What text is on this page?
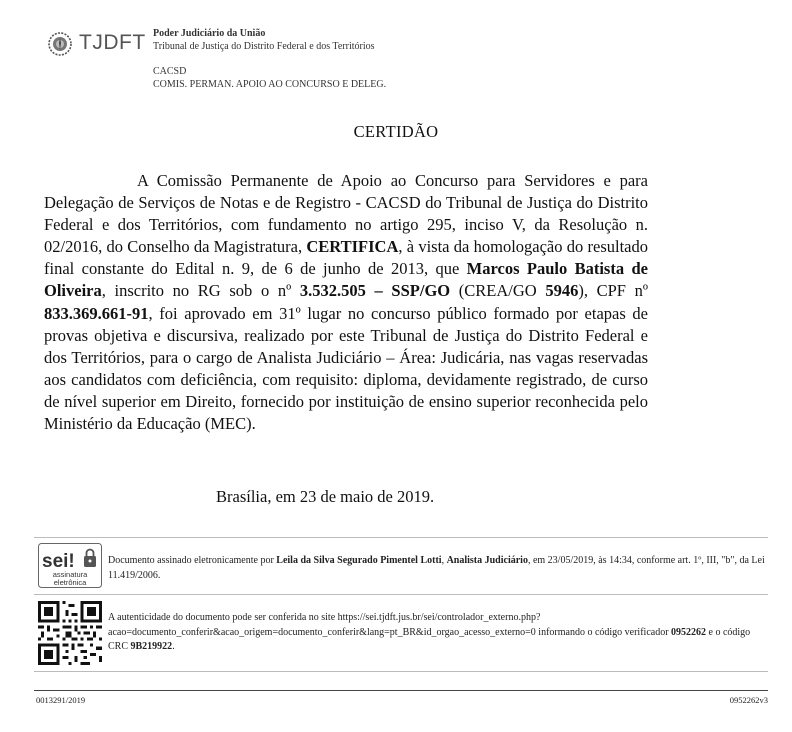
TJDFT Poder Judiciário da União
Tribunal de Justiça do Distrito Federal e dos Territórios
CACSD
COMIS. PERMAN. APOIO AO CONCURSO E DELEG.
CERTIDÃO

A Comissão Permanente de Apoio ao Concurso para Servidores e para Delegação de Serviços de Notas e de Registro - CACSD do Tribunal de Justiça do Distrito Federal e dos Territórios, com fundamento no artigo 295, inciso V, da Resolução n. 02/2016, do Conselho da Magistratura, CERTIFICA, à vista da homologação do resultado final constante do Edital n. 9, de 6 de junho de 2013, que Marcos Paulo Batista de Oliveira, inscrito no RG sob o nº 3.532.505 – SSP/GO (CREA/GO 5946), CPF nº 833.369.661-91, foi aprovado em 31º lugar no concurso público formado por etapas de provas objetiva e discursiva, realizado por este Tribunal de Justiça do Distrito Federal e dos Territórios, para o cargo de Analista Judiciário – Área: Judicária, nas vagas reservadas aos candidatos com deficiência, com requisito: diploma, devidamente registrado, de curso de nível superior em Direito, fornecido por instituição de ensino superior reconhecida pelo Ministério da Educação (MEC).

Brasília, em 23 de maio de 2019.
sei!
assinatura
eletrônica

Documento assinado eletronicamente por Leila da Silva Segurado Pimentel Lotti, Analista Judiciário, em 23/05/2019, às 14:34, conforme art. 1º, III, "b", da Lei 11.419/2006.

A autenticidade do documento pode ser conferida no site https://sei.tjdft.jus.br/sei/controlador_externo.php?acao=documento_conferir&acao_origem=documento_conferir&lang=pt_BR&id_orgao_acesso_externo=0 informando o código verificador 0952262 e o código CRC 9B219922.

0013291/2019	0952262v3
